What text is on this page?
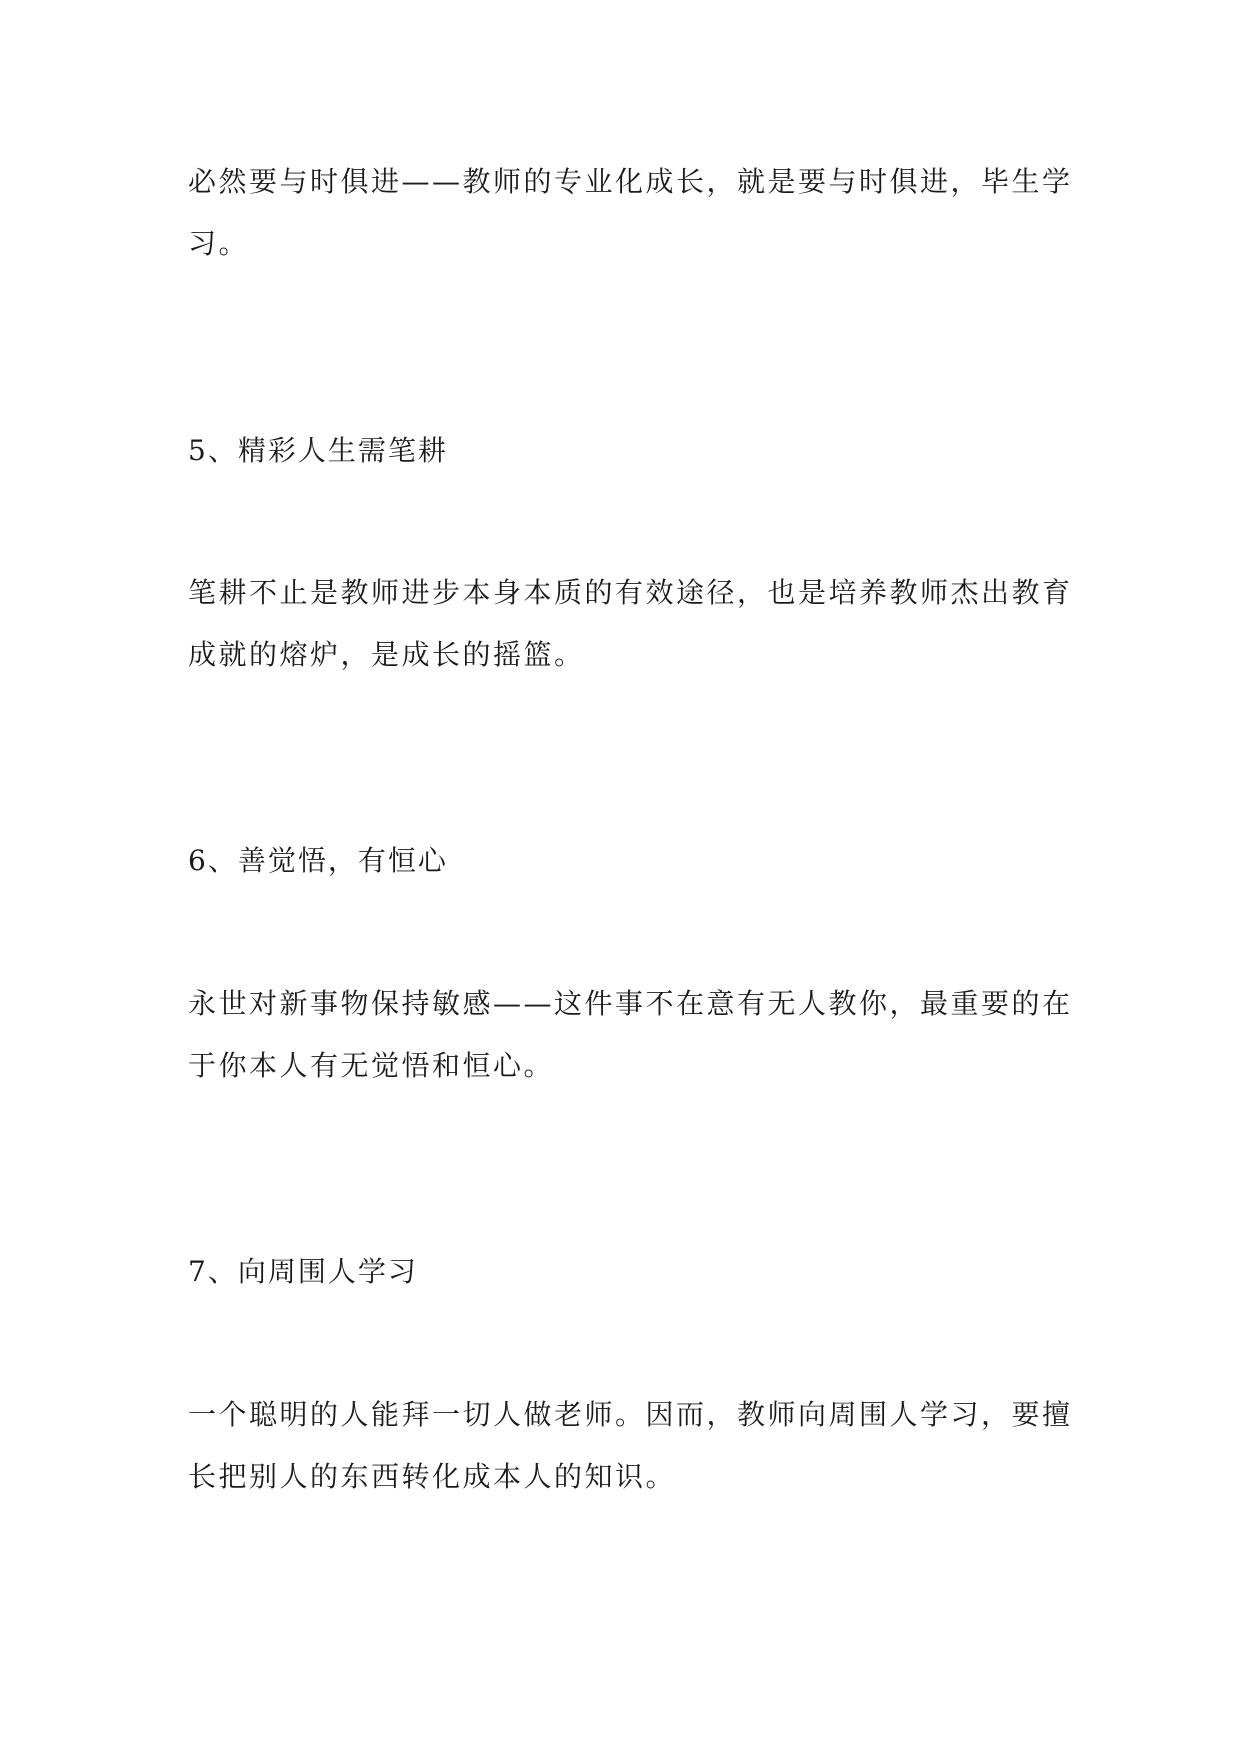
必然要与时俱进——教师的专业化成长，就是要与时俱进，毕生学

习。

5、精彩人生需笔耕

笔耕不止是教师进步本身本质的有效途径，也是培养教师杰出教育

成就的熔炉，是成长的摇篮。

6、善觉悟，有恒心

永世对新事物保持敏感——这件事不在意有无人教你，最重要的在

于你本人有无觉悟和恒心。

7、向周围人学习

一个聪明的人能拜一切人做老师。因而，教师向周围人学习，要擅

长把别人的东西转化成本人的知识。
